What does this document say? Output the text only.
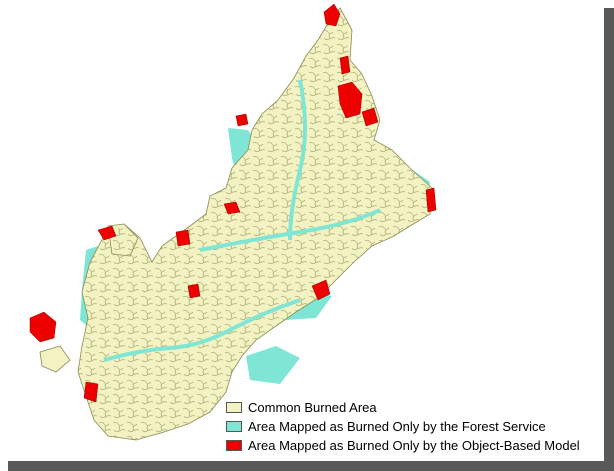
Common Burned Area
Area Mapped as Burned Only by the Forest Service
Area Mapped as Burned Only by the Object-Based Model
